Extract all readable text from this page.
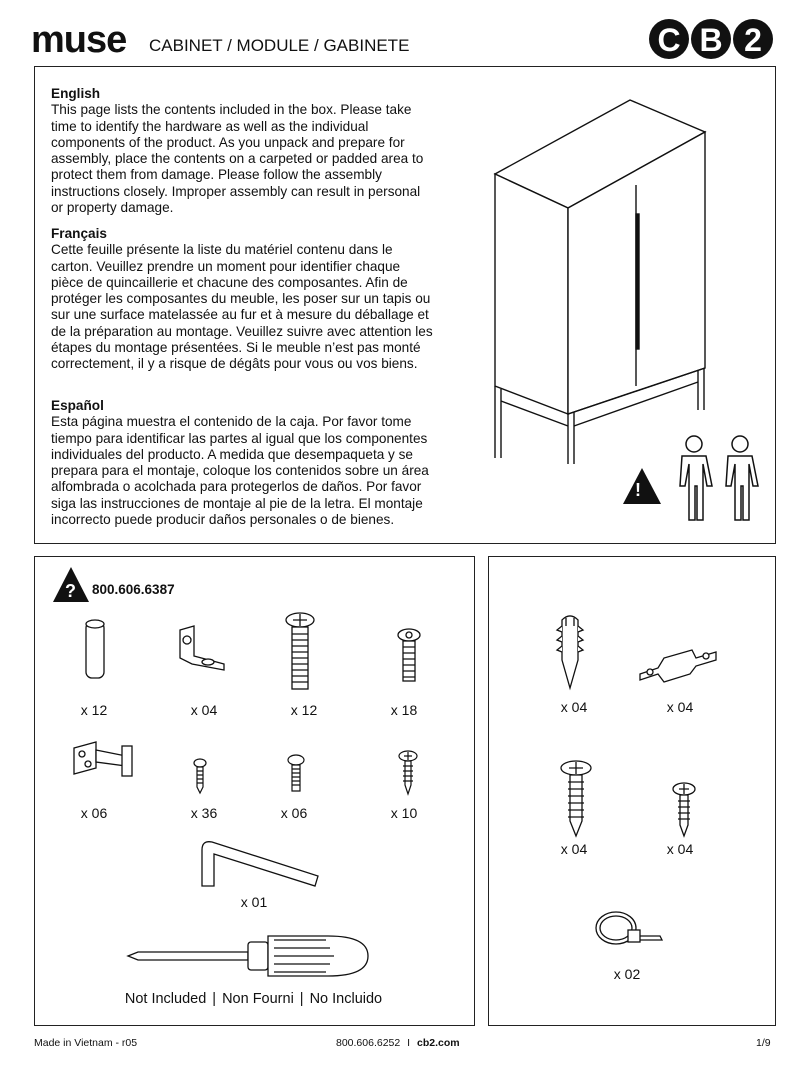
muse CABINET / MODULE / GABINETE	C B 2
English
This page lists the contents included in the box. Please take time to identify the hardware as well as the individual components of the product. As you unpack and prepare for assembly, place the contents on a carpeted or padded area to protect them from damage. Please follow the assembly instructions closely. Improper assembly can result in personal or property damage.
Français
Cette feuille présente la liste du matériel contenu dans le carton. Veuillez prendre un moment pour identifier chaque pièce de quincaillerie et chacune des composantes. Afin de protéger les composantes du meuble, les poser sur un tapis ou sur une surface matelassée au fur et à mesure du déballage et de la préparation au montage. Veuillez suivre avec attention les étapes du montage présentées. Si le meuble n’est pas monté correctement, il y a risque de dégâts pour vous ou vos biens.
Español
Esta página muestra el contenido de la caja. Por favor tome tiempo para identificar las partes al igual que los componentes individuales del producto. A medida que desempaqueta y se prepara para el montaje, coloque los contenidos sobre un área alfombrada o acolchada para protegerlos de daños. Por favor siga las instrucciones de montaje al pie de la letra. El montaje incorrecto puede producir daños personales o de bienes.
!
? 800.606.6387
x 12	x 04	x 12	x 18
x 06	x 36	x 06	x 10
x 01
Not Included | Non Fourni | No Incluido
x 04	x 04
x 04	x 04
x 02
Made in Vietnam - r05	800.606.6252 I cb2.com	1/9
